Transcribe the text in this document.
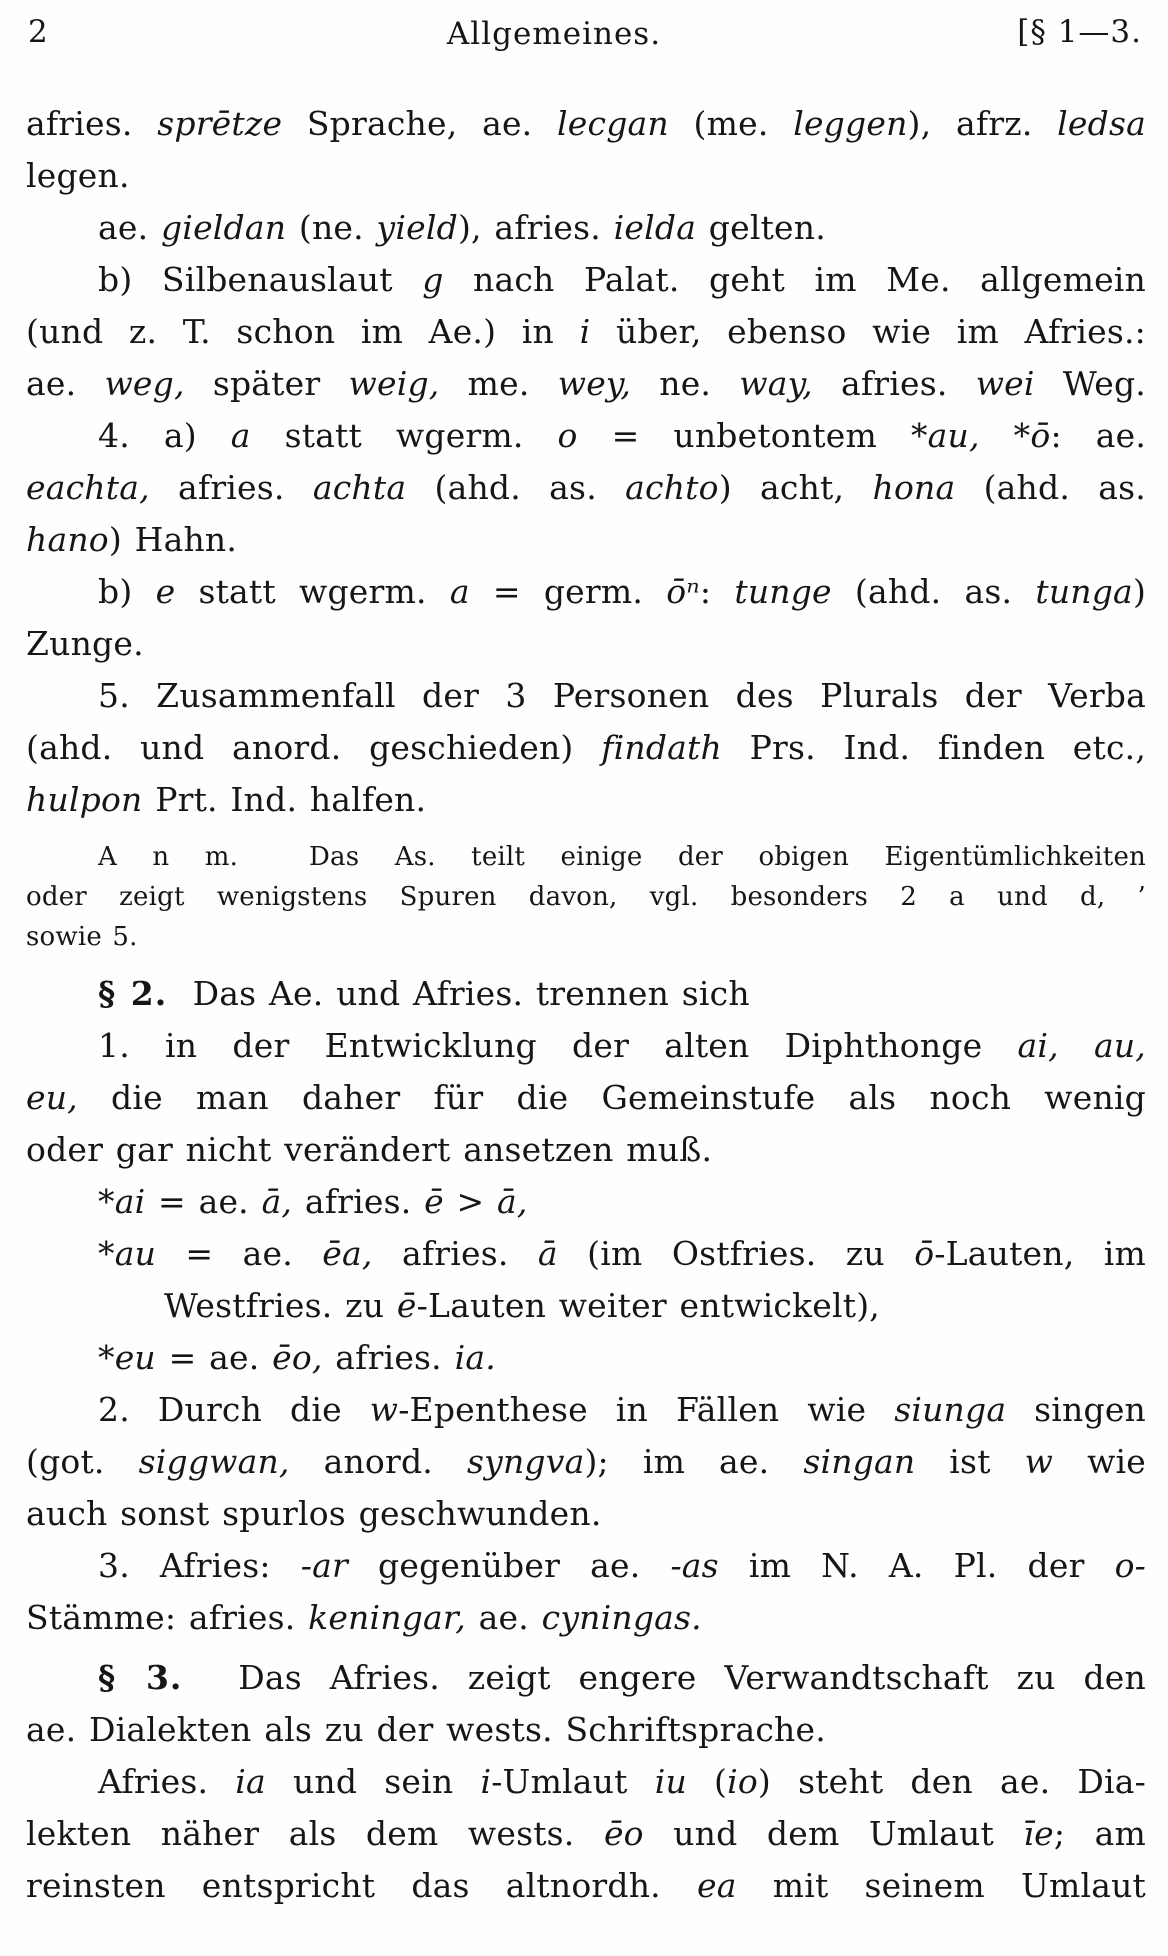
2	Allgemeines.	[§ 1—3.
afries. sprētze Sprache, ae. lecgan (me. leggen), afrz. ledsa
legen.
ae. gieldan (ne. yield), afries. ielda gelten.
b) Silbenauslaut g nach Palat. geht im Me. allgemein
(und z. T. schon im Ae.) in i über, ebenso wie im Afries.:
ae. weg, später weig, me. wey, ne. way, afries. wei Weg.
4. a) a statt wgerm. o = unbetontem *au, *ō: ae.
eachta, afries. achta (ahd. as. achto) acht, hona (ahd. as.
hano) Hahn.
b) e statt wgerm. a = germ. ōⁿ: tunge (ahd. as. tunga)
Zunge.
5. Zusammenfall der 3 Personen des Plurals der Verba
(ahd. und anord. geschieden) findath Prs. Ind. finden etc.,
hulpon Prt. Ind. halfen.
A n m.  Das As. teilt einige der obigen Eigentümlichkeiten
oder zeigt wenigstens Spuren davon, vgl. besonders 2 a und d, ’
sowie 5.
§ 2.  Das Ae. und Afries. trennen sich
1. in der Entwicklung der alten Diphthonge ai, au,
eu, die man daher für die Gemeinstufe als noch wenig
oder gar nicht verändert ansetzen muß.
*ai = ae. ā, afries. ē > ā,
*au = ae. ēa, afries. ā (im Ostfries. zu ō-Lauten, im
Westfries. zu ē-Lauten weiter entwickelt),
*eu = ae. ēo, afries. ia.
2. Durch die w-Epenthese in Fällen wie siunga singen
(got. siggwan, anord. syngva); im ae. singan ist w wie
auch sonst spurlos geschwunden.
3. Afries: -ar gegenüber ae. -as im N. A. Pl. der o-
Stämme: afries. keningar, ae. cyningas.
§ 3.  Das Afries. zeigt engere Verwandtschaft zu den
ae. Dialekten als zu der wests. Schriftsprache.
Afries. ia und sein i-Umlaut iu (io) steht den ae. Dia-
lekten näher als dem wests. ēo und dem Umlaut īe; am
reinsten entspricht das altnordh. ea mit seinem Umlaut
